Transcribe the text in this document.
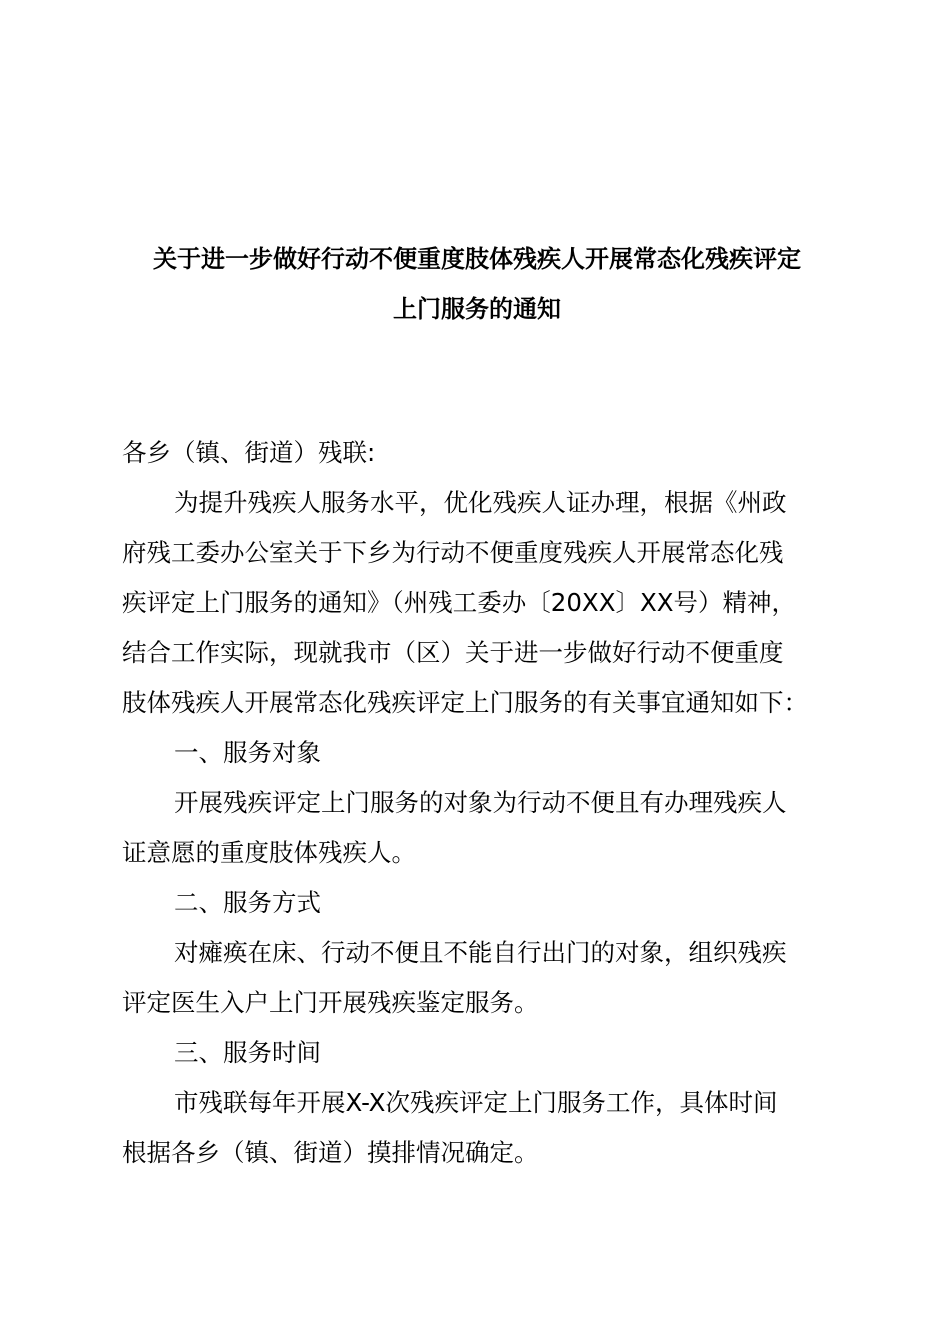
关于进一步做好行动不便重度肢体残疾人开展常态化残疾评定
上门服务的通知

各乡（镇、街道）残联:

为提升残疾人服务水平，优化残疾人证办理，根据《州政

府残工委办公室关于下乡为行动不便重度残疾人开展常态化残

疾评定上门服务的通知》（州残工委办〔20XX〕XX号）精神，

结合工作实际，现就我市（区）关于进一步做好行动不便重度

肢体残疾人开展常态化残疾评定上门服务的有关事宜通知如下：

一、服务对象

开展残疾评定上门服务的对象为行动不便且有办理残疾人

证意愿的重度肢体残疾人。

二、服务方式

对瘫痪在床、行动不便且不能自行出门的对象，组织残疾

评定医生入户上门开展残疾鉴定服务。

三、服务时间

市残联每年开展X-X次残疾评定上门服务工作，具体时间

根据各乡（镇、街道）摸排情况确定。
